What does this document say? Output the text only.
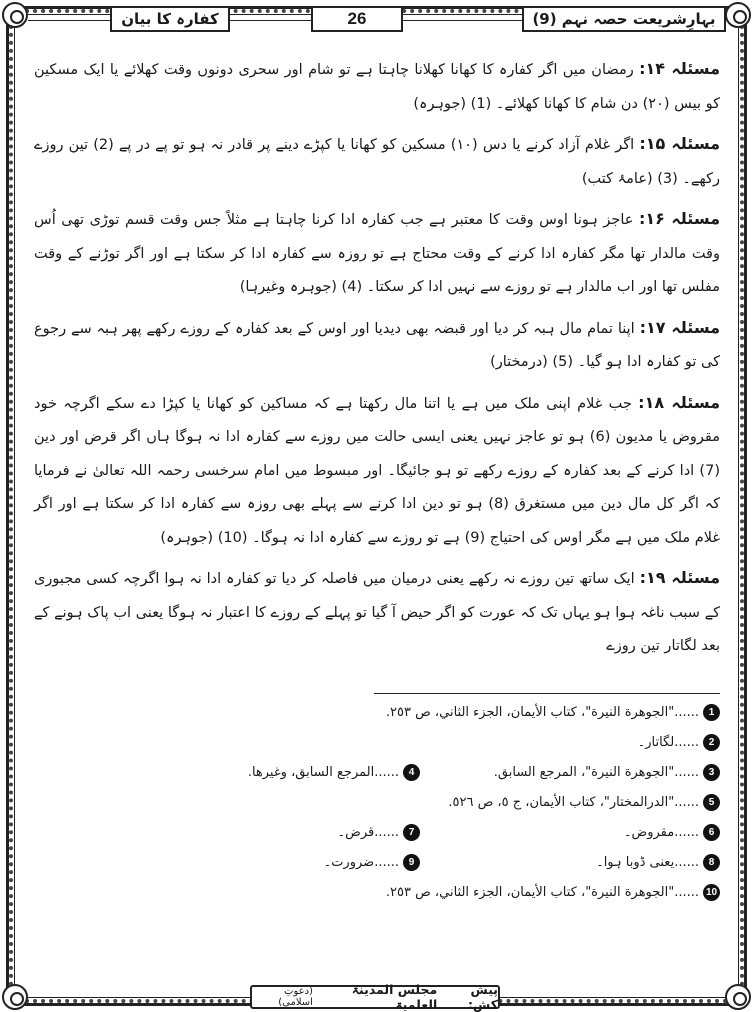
بہارِشریعت حصہ نہم (9)
26
کفارہ کا بیان

مسئلہ ۱۴: رمضان میں اگر کفارہ کا کھانا کھلانا چاہتا ہے تو شام اور سحری دونوں وقت کھلائے یا ایک مسکین کو بیس (۲۰) دن شام کا کھانا کھلائے۔ (1) (جوہرہ)

مسئلہ ۱۵: اگر غلام آزاد کرنے یا دس (۱۰) مسکین کو کھانا یا کپڑے دینے پر قادر نہ ہو تو پے در پے (2) تین روزے رکھے۔ (3) (عامۂ کتب)

مسئلہ ۱۶: عاجز ہونا اوس وقت کا معتبر ہے جب کفارہ ادا کرنا چاہتا ہے مثلاً جس وقت قسم توڑی تھی اُس وقت مالدار تھا مگر کفارہ ادا کرنے کے وقت محتاج ہے تو روزہ سے کفارہ ادا کر سکتا ہے اور اگر توڑنے کے وقت مفلس تھا اور اب مالدار ہے تو روزے سے نہیں ادا کر سکتا۔ (4) (جوہرہ وغیرہا)

مسئلہ ۱۷: اپنا تمام مال ہبہ کر دیا اور قبضہ بھی دیدیا اور اوس کے بعد کفارہ کے روزے رکھے پھر ہبہ سے رجوع کی تو کفارہ ادا ہو گیا۔ (5) (درمختار)

مسئلہ ۱۸: جب غلام اپنی ملک میں ہے یا اتنا مال رکھتا ہے کہ مساکین کو کھانا یا کپڑا دے سکے اگرچہ خود مقروض یا مدیون (6) ہو تو عاجز نہیں یعنی ایسی حالت میں روزے سے کفارہ ادا نہ ہوگا ہاں اگر قرض اور دین (7) ادا کرنے کے بعد کفارہ کے روزے رکھے تو ہو جائیگا۔ اور مبسوط میں امام سرخسی رحمہ اللہ تعالیٰ نے فرمایا کہ اگر کل مال دین میں مستغرق (8) ہو تو دین ادا کرنے سے پہلے بھی روزہ سے کفارہ ادا کر سکتا ہے اور اگر غلام ملک میں ہے مگر اوس کی احتیاج (9) ہے تو روزے سے کفارہ ادا نہ ہوگا۔ (10) (جوہرہ)

مسئلہ ۱۹: ایک ساتھ تین روزے نہ رکھے یعنی درمیان میں فاصلہ کر دیا تو کفارہ ادا نہ ہوا اگرچہ کسی مجبوری کے سبب ناغہ ہوا ہو یہاں تک کہ عورت کو اگر حیض آ گیا تو پہلے کے روزے کا اعتبار نہ ہوگا یعنی اب پاک ہونے کے بعد لگاتار تین روزے

1
......"الجوهرة النيرة"، كتاب الأيمان، الجزء الثاني، ص ٢٥٣.
2
......لگاتار۔
3
......"الجوهرة النيرة"، المرجع السابق.
4
......المرجع السابق، وغيرها.
5
......"الدرالمختار"، كتاب الأيمان، ج ٥، ص ٥٢٦.
6
......مقروض۔
7
......قرض۔
8
......یعنی ڈوبا ہوا۔
9
......ضرورت۔
10
......"الجوهرة النيرة"، كتاب الأيمان، الجزء الثاني، ص ٢٥٣.
پیش کش:

مجلس المدینۃ العلمیۃ
(دعوتِ اسلامی)
